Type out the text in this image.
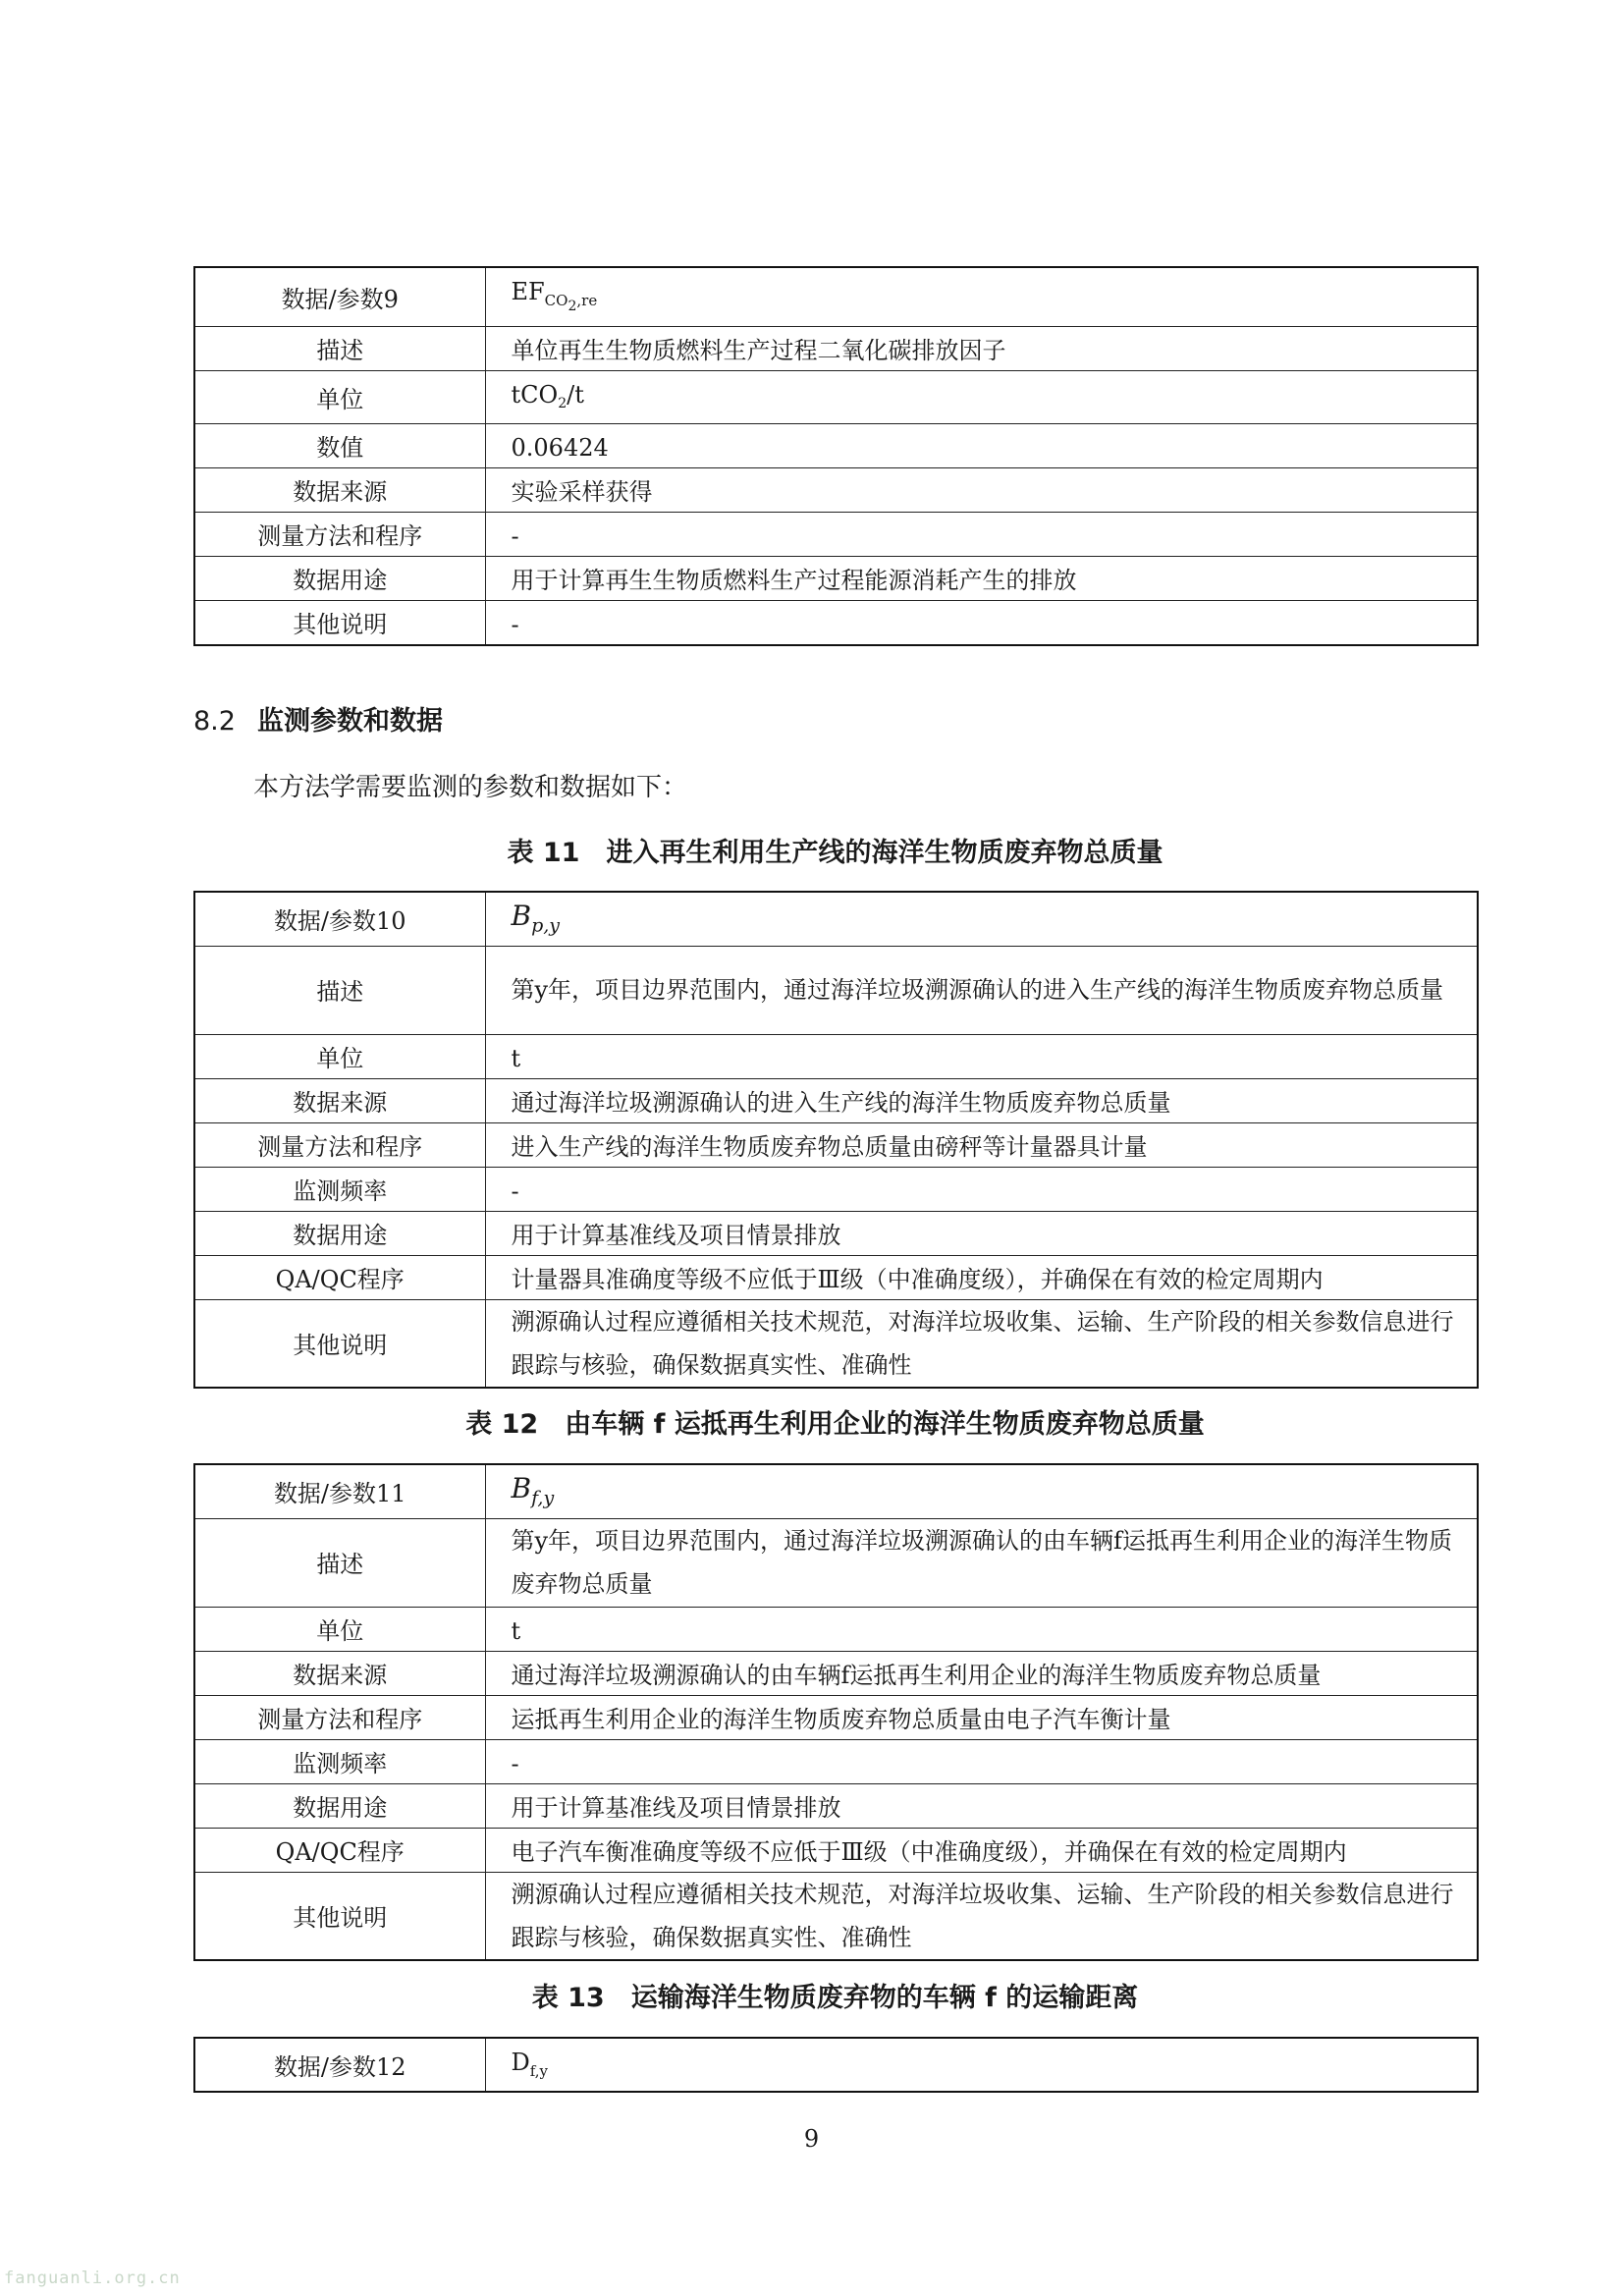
数据/参数9	$EF_{CO2,re}$
描述	单位再生生物质燃料生产过程二氧化碳排放因子
单位	tCO$_2$/t
数值	0.06424
数据来源	实验采样获得
测量方法和程序	-
数据用途	用于计算再生生物质燃料生产过程能源消耗产生的排放
其他说明	-
8.2 监测参数和数据
本方法学需要监测的参数和数据如下：
表 11　进入再生利用生产线的海洋生物质废弃物总质量
数据/参数10	$B_{p,y}$
描述	第y年，项目边界范围内，通过海洋垃圾溯源确认的进入生产线的海洋生物质废弃物总质量
单位	t
数据来源	通过海洋垃圾溯源确认的进入生产线的海洋生物质废弃物总质量
测量方法和程序	进入生产线的海洋生物质废弃物总质量由磅秤等计量器具计量
监测频率	-
数据用途	用于计算基准线及项目情景排放
QA/QC程序	计量器具准确度等级不应低于Ⅲ级（中准确度级），并确保在有效的检定周期内
其他说明	溯源确认过程应遵循相关技术规范，对海洋垃圾收集、运输、生产阶段的相关参数信息进行跟踪与核验，确保数据真实性、准确性
表 12　由车辆 f 运抵再生利用企业的海洋生物质废弃物总质量
数据/参数11	$B_{f,y}$
描述	第y年，项目边界范围内，通过海洋垃圾溯源确认的由车辆f运抵再生利用企业的海洋生物质废弃物总质量
单位	t
数据来源	通过海洋垃圾溯源确认的由车辆f运抵再生利用企业的海洋生物质废弃物总质量
测量方法和程序	运抵再生利用企业的海洋生物质废弃物总质量由电子汽车衡计量
监测频率	-
数据用途	用于计算基准线及项目情景排放
QA/QC程序	电子汽车衡准确度等级不应低于Ⅲ级（中准确度级），并确保在有效的检定周期内
其他说明	溯源确认过程应遵循相关技术规范，对海洋垃圾收集、运输、生产阶段的相关参数信息进行跟踪与核验，确保数据真实性、准确性
表 13　运输海洋生物质废弃物的车辆 f 的运输距离
数据/参数12	$D_{f,y}$
9
fanguanli.org.cn
